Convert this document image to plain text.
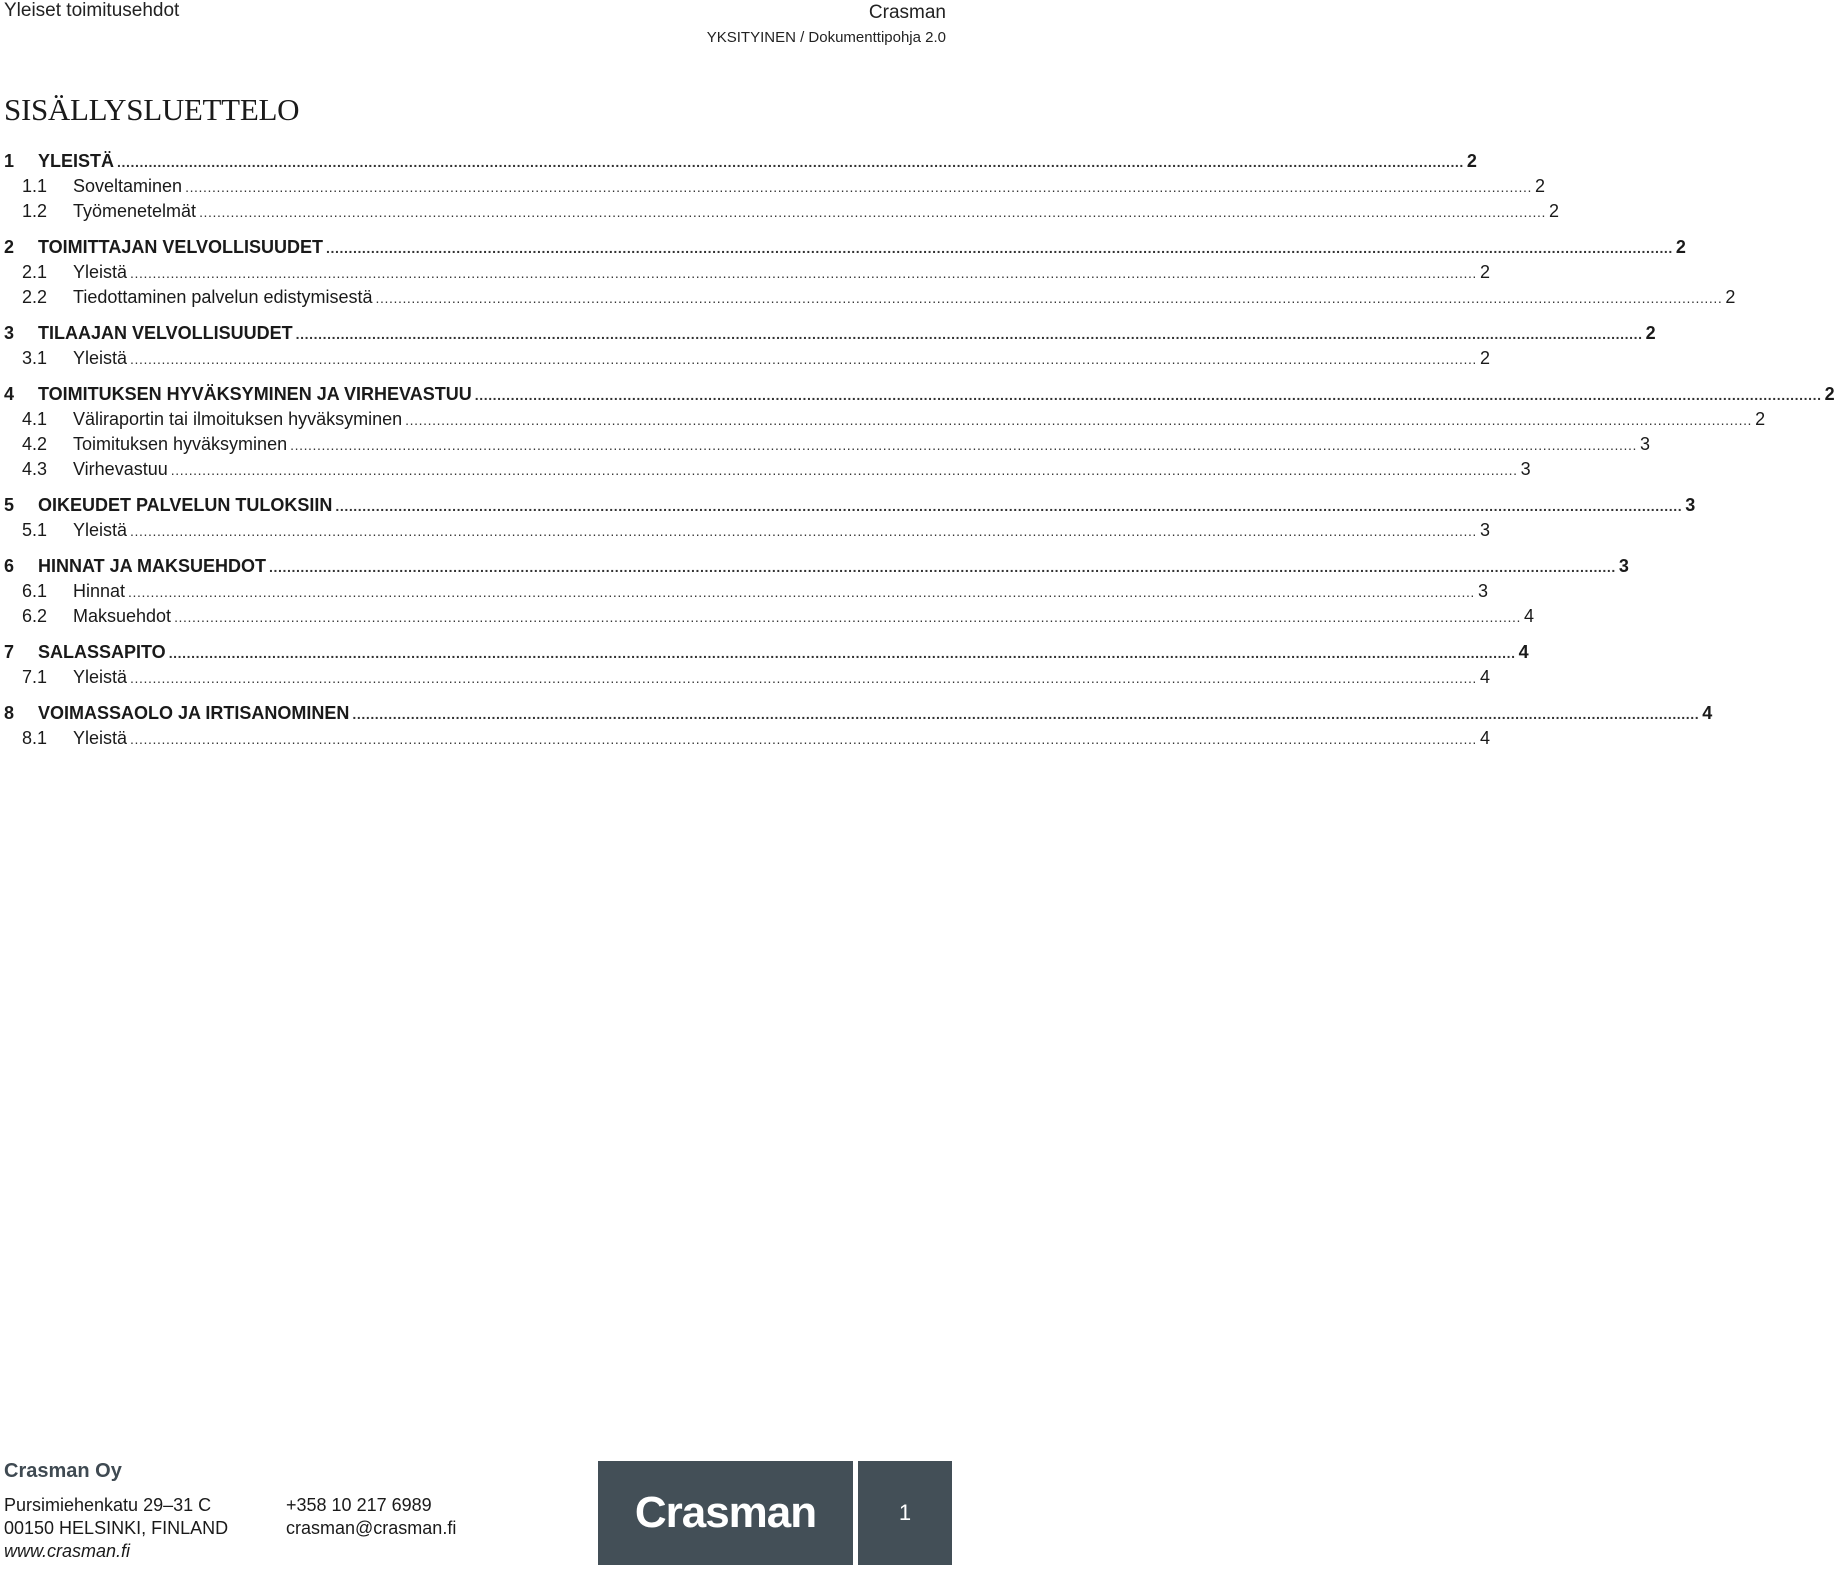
Yleiset toimitusehdot	Crasman
YKSITYINEN / Dokumenttipohja 2.0
SISÄLLYSLUETTELO
1 YLEISTÄ ............................................................................................................................................................................................................................................................................................................ 2
1.1 Soveltaminen ............................................................................................................................................................................................................................................................................................................ 2
1.2 Työmenetelmät ............................................................................................................................................................................................................................................................................................................ 2
2 TOIMITTAJAN VELVOLLISUUDET ............................................................................................................................................................................................................................................................................................................ 2
2.1 Yleistä ............................................................................................................................................................................................................................................................................................................ 2
2.2 Tiedottaminen palvelun edistymisestä ............................................................................................................................................................................................................................................................................................................ 2
3 TILAAJAN VELVOLLISUUDET ............................................................................................................................................................................................................................................................................................................ 2
3.1 Yleistä ............................................................................................................................................................................................................................................................................................................ 2
4 TOIMITUKSEN HYVÄKSYMINEN JA VIRHEVASTUU ............................................................................................................................................................................................................................................................................................................ 2
4.1 Väliraportin tai ilmoituksen hyväksyminen ............................................................................................................................................................................................................................................................................................................ 2
4.2 Toimituksen hyväksyminen ............................................................................................................................................................................................................................................................................................................ 3
4.3 Virhevastuu ............................................................................................................................................................................................................................................................................................................ 3
5 OIKEUDET PALVELUN TULOKSIIN ............................................................................................................................................................................................................................................................................................................ 3
5.1 Yleistä ............................................................................................................................................................................................................................................................................................................ 3
6 HINNAT JA MAKSUEHDOT ............................................................................................................................................................................................................................................................................................................ 3
6.1 Hinnat ............................................................................................................................................................................................................................................................................................................ 3
6.2 Maksuehdot ............................................................................................................................................................................................................................................................................................................ 4
7 SALASSAPITO ............................................................................................................................................................................................................................................................................................................ 4
7.1 Yleistä ............................................................................................................................................................................................................................................................................................................ 4
8 VOIMASSAOLO JA IRTISANOMINEN ............................................................................................................................................................................................................................................................................................................ 4
8.1 Yleistä ............................................................................................................................................................................................................................................................................................................ 4
Crasman Oy
Pursimiehenkatu 29–31 C
00150 HELSINKI, FINLAND
www.crasman.fi
+358 10 217 6989
crasman@crasman.fi	Crasman	1
